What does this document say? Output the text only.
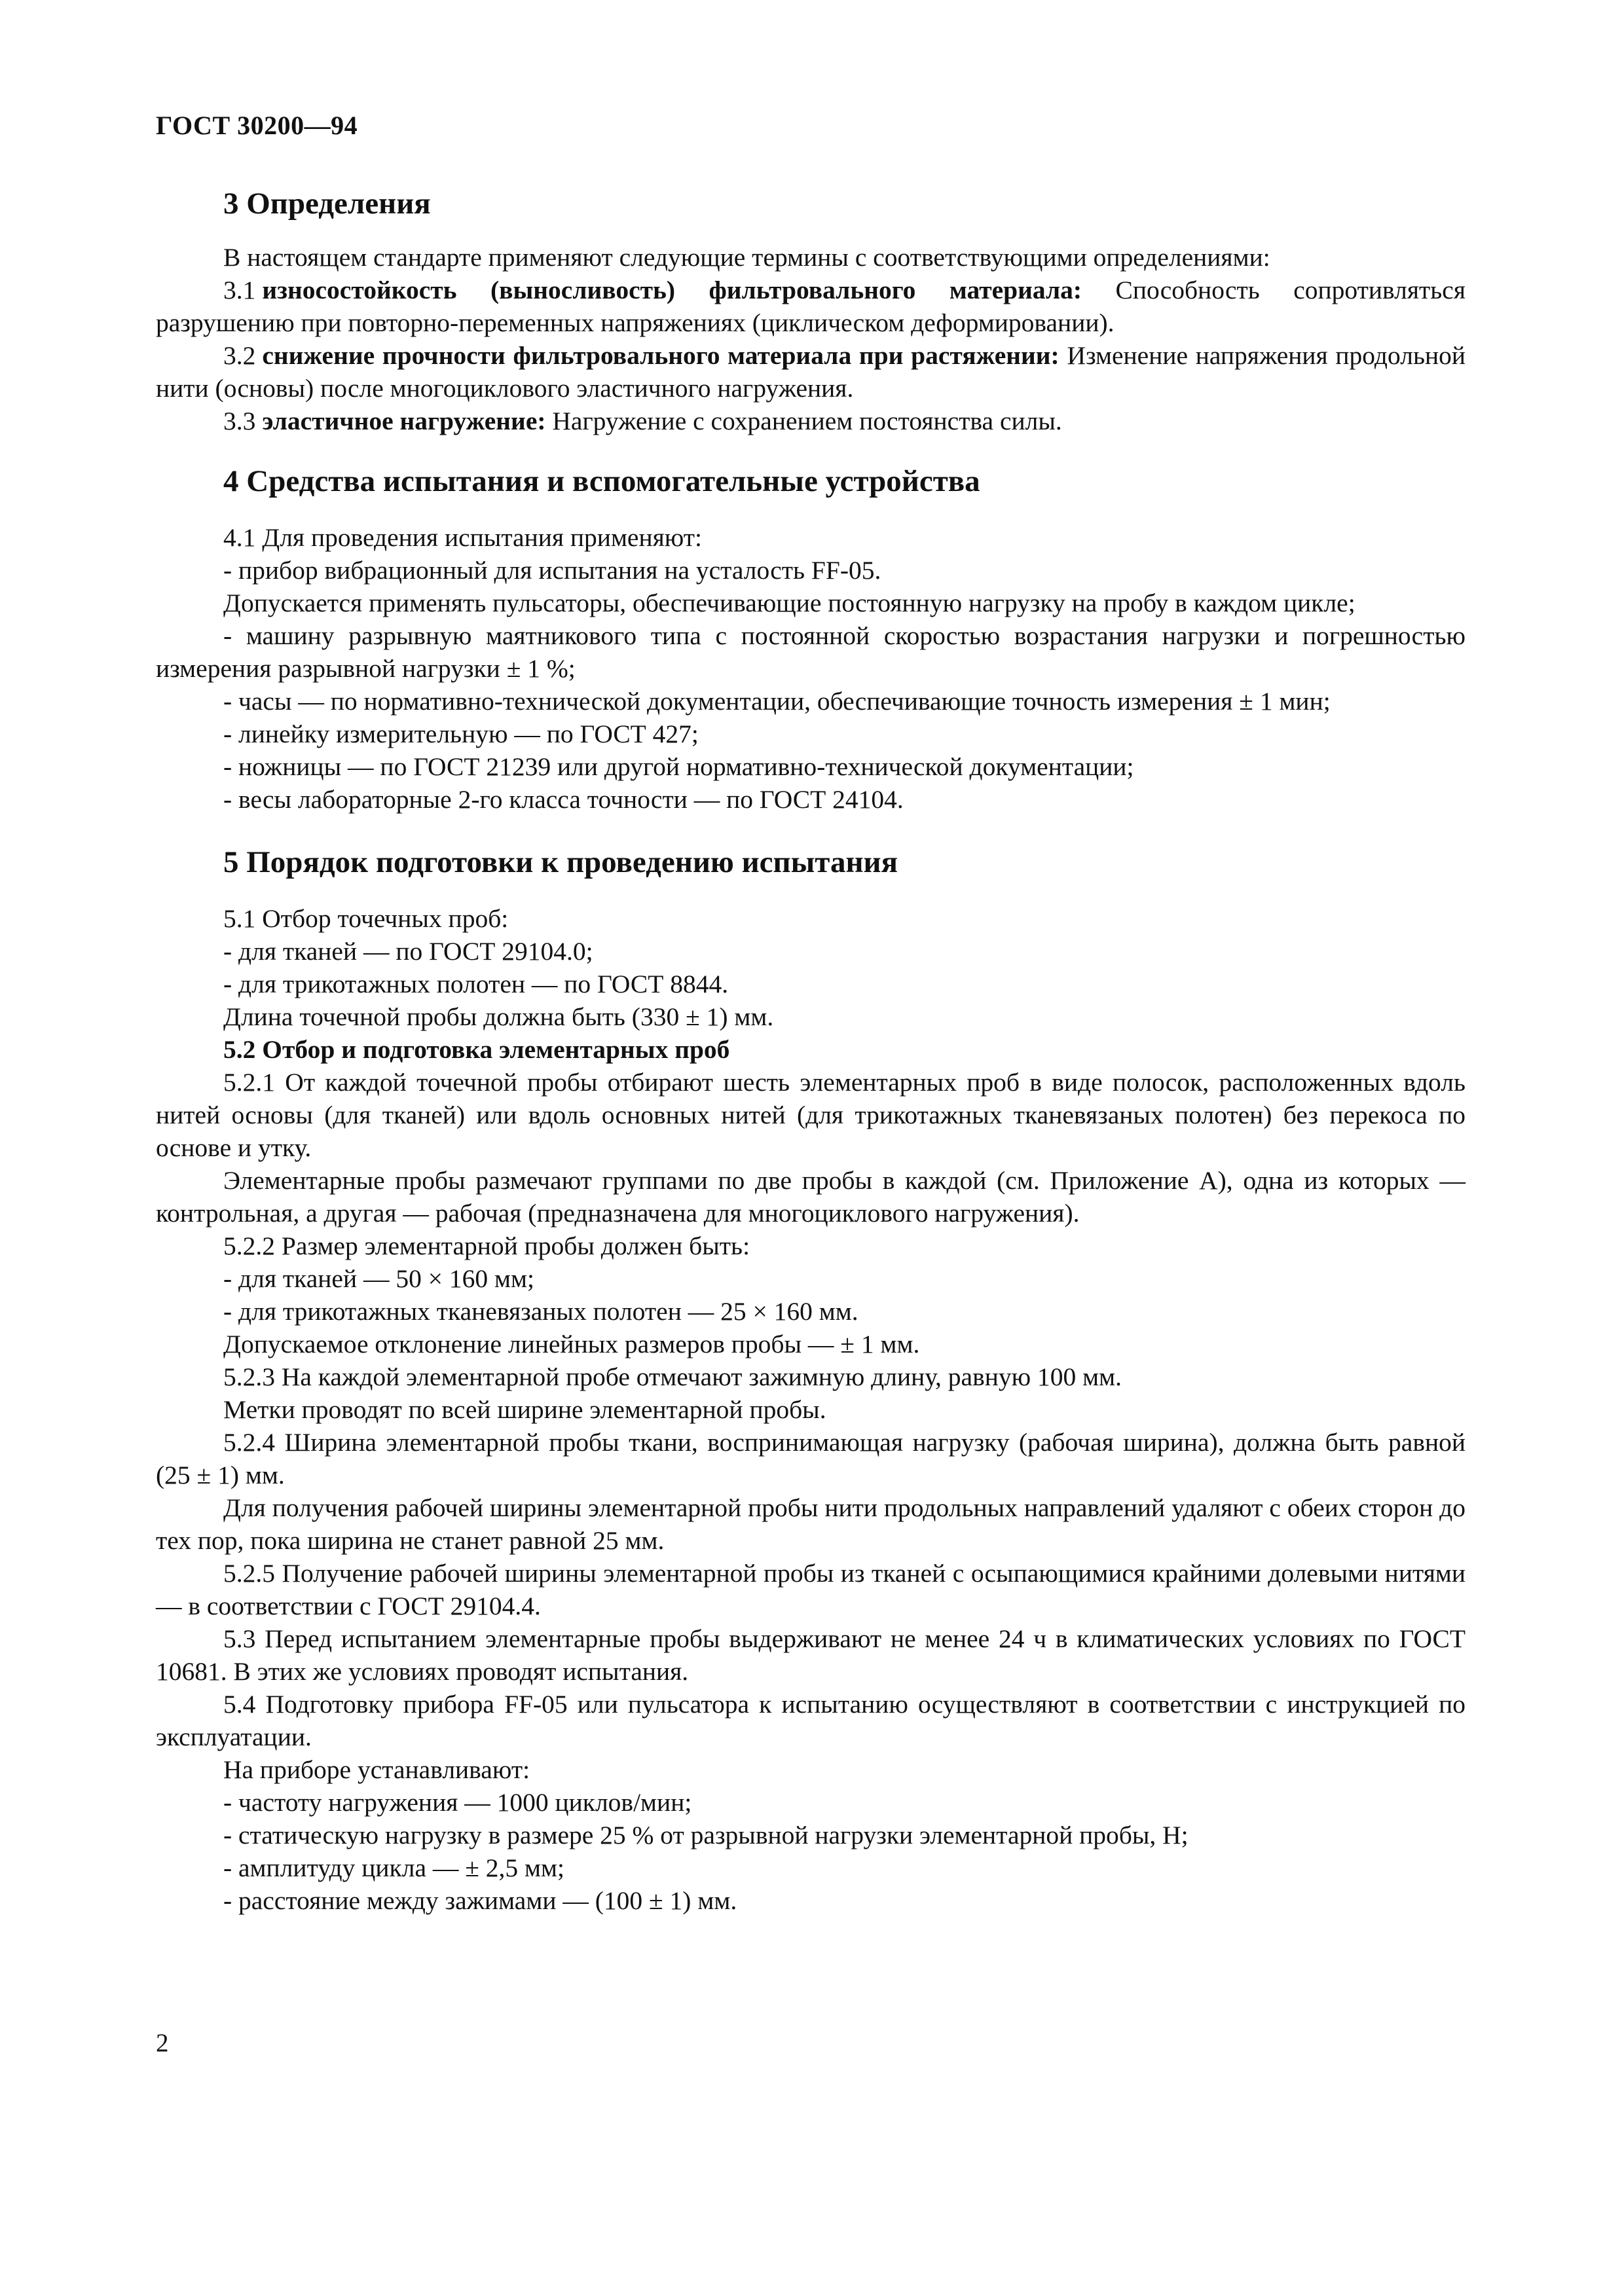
ГОСТ 30200—94
3 Определения

В настоящем стандарте применяют следующие термины с соответствующими определениями:

3.1 износостойкость (выносливость) фильтровального материала: Способность сопротивляться разрушению при повторно-переменных напряжениях (циклическом деформировании).

3.2 снижение прочности фильтровального материала при растяжении: Изменение напряжения продольной нити (основы) после многоциклового эластичного нагружения.

3.3 эластичное нагружение: Нагружение с сохранением постоянства силы.

4 Средства испытания и вспомогательные устройства

4.1 Для проведения испытания применяют:

- прибор вибрационный для испытания на усталость FF-05.

Допускается применять пульсаторы, обеспечивающие постоянную нагрузку на пробу в каждом цикле;

- машину разрывную маятникового типа с постоянной скоростью возрастания нагрузки и погрешностью измерения разрывной нагрузки ± 1 %;

- часы — по нормативно-технической документации, обеспечивающие точность измерения ± 1 мин;

- линейку измерительную — по ГОСТ 427;

- ножницы — по ГОСТ 21239 или другой нормативно-технической документации;

- весы лабораторные 2-го класса точности — по ГОСТ 24104.

5 Порядок подготовки к проведению испытания

5.1 Отбор точечных проб:

- для тканей — по ГОСТ 29104.0;

- для трикотажных полотен — по ГОСТ 8844.

Длина точечной пробы должна быть (330 ± 1) мм.

5.2 Отбор и подготовка элементарных проб

5.2.1 От каждой точечной пробы отбирают шесть элементарных проб в виде полосок, расположенных вдоль нитей основы (для тканей) или вдоль основных нитей (для трикотажных тканевязаных полотен) без перекоса по основе и утку.

Элементарные пробы размечают группами по две пробы в каждой (см. Приложение А), одна из которых — контрольная, а другая — рабочая (предназначена для многоциклового нагружения).

5.2.2 Размер элементарной пробы должен быть:

- для тканей — 50 × 160 мм;

- для трикотажных тканевязаных полотен — 25 × 160 мм.

Допускаемое отклонение линейных размеров пробы — ± 1 мм.

5.2.3 На каждой элементарной пробе отмечают зажимную длину, равную 100 мм.

Метки проводят по всей ширине элементарной пробы.

5.2.4 Ширина элементарной пробы ткани, воспринимающая нагрузку (рабочая ширина), должна быть равной (25 ± 1) мм.

Для получения рабочей ширины элементарной пробы нити продольных направлений удаляют с обеих сторон до тех пор, пока ширина не станет равной 25 мм.

5.2.5 Получение рабочей ширины элементарной пробы из тканей с осыпающимися крайними долевыми нитями — в соответствии с ГОСТ 29104.4.

5.3 Перед испытанием элементарные пробы выдерживают не менее 24 ч в климатических условиях по ГОСТ 10681. В этих же условиях проводят испытания.

5.4 Подготовку прибора FF-05 или пульсатора к испытанию осуществляют в соответствии с инструкцией по эксплуатации.

На приборе устанавливают:

- частоту нагружения — 1000 циклов/мин;

- статическую нагрузку в размере 25 % от разрывной нагрузки элементарной пробы, Н;

- амплитуду цикла — ± 2,5 мм;

- расстояние между зажимами — (100 ± 1) мм.

2
